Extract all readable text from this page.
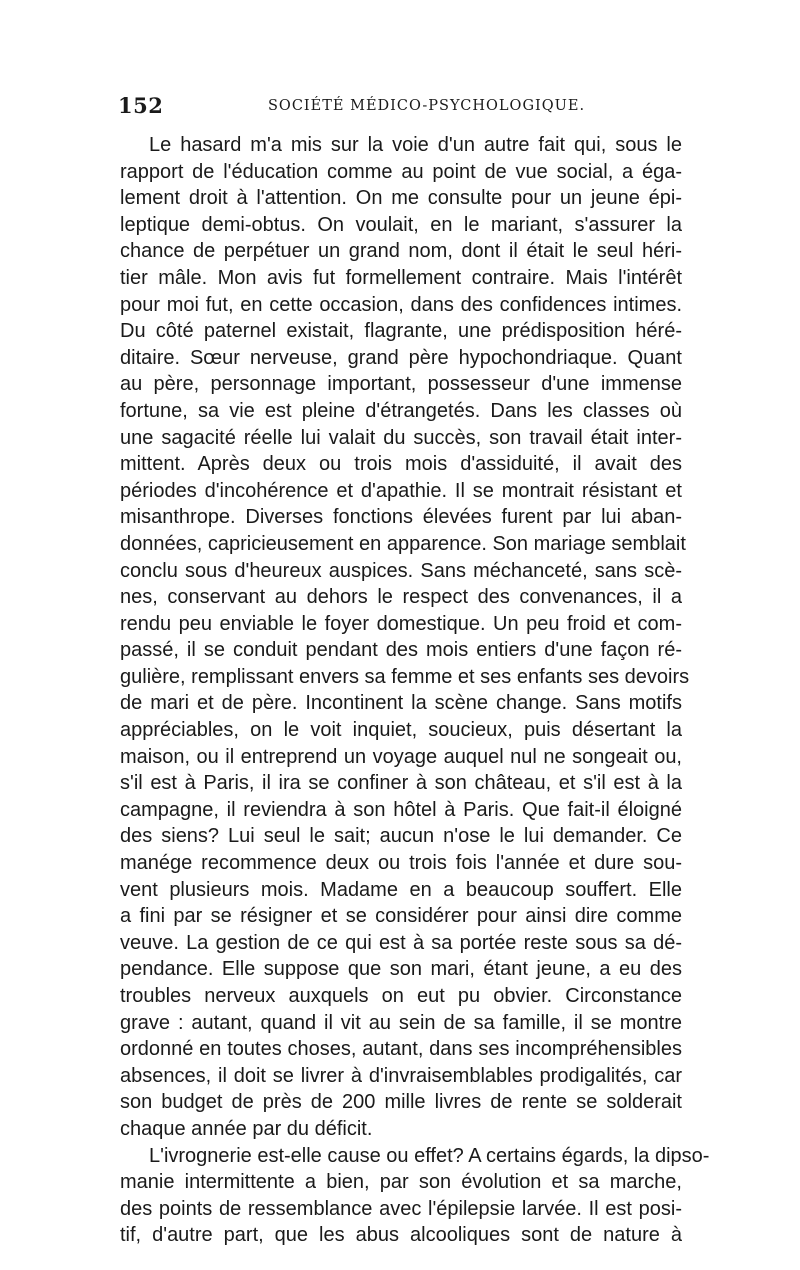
152	SOCIÉTÉ MÉDICO-PSYCHOLOGIQUE.
Le hasard m'a mis sur la voie d'un autre fait qui, sous le
rapport de l'éducation comme au point de vue social, a éga-
lement droit à l'attention. On me consulte pour un jeune épi-
leptique demi-obtus. On voulait, en le mariant, s'assurer la
chance de perpétuer un grand nom, dont il était le seul héri-
tier mâle. Mon avis fut formellement contraire. Mais l'intérêt
pour moi fut, en cette occasion, dans des confidences intimes.
Du côté paternel existait, flagrante, une prédisposition héré-
ditaire. Sœur nerveuse, grand père hypochondriaque. Quant
au père, personnage important, possesseur d'une immense
fortune, sa vie est pleine d'étrangetés. Dans les classes où
une sagacité réelle lui valait du succès, son travail était inter-
mittent. Après deux ou trois mois d'assiduité, il avait des
périodes d'incohérence et d'apathie. Il se montrait résistant et
misanthrope. Diverses fonctions élevées furent par lui aban-
données, capricieusement en apparence. Son mariage semblait
conclu sous d'heureux auspices. Sans méchanceté, sans scè-
nes, conservant au dehors le respect des convenances, il a
rendu peu enviable le foyer domestique. Un peu froid et com-
passé, il se conduit pendant des mois entiers d'une façon ré-
gulière, remplissant envers sa femme et ses enfants ses devoirs
de mari et de père. Incontinent la scène change. Sans motifs
appréciables, on le voit inquiet, soucieux, puis désertant la
maison, ou il entreprend un voyage auquel nul ne songeait ou,
s'il est à Paris, il ira se confiner à son château, et s'il est à la
campagne, il reviendra à son hôtel à Paris. Que fait-il éloigné
des siens? Lui seul le sait; aucun n'ose le lui demander. Ce
manége recommence deux ou trois fois l'année et dure sou-
vent plusieurs mois. Madame en a beaucoup souffert. Elle
a fini par se résigner et se considérer pour ainsi dire comme
veuve. La gestion de ce qui est à sa portée reste sous sa dé-
pendance. Elle suppose que son mari, étant jeune, a eu des
troubles nerveux auxquels on eut pu obvier. Circonstance
grave : autant, quand il vit au sein de sa famille, il se montre
ordonné en toutes choses, autant, dans ses incompréhensibles
absences, il doit se livrer à d'invraisemblables prodigalités, car
son budget de près de 200 mille livres de rente se solderait
chaque année par du déficit.
L'ivrognerie est-elle cause ou effet? A certains égards, la dipso-
manie intermittente a bien, par son évolution et sa marche,
des points de ressemblance avec l'épilepsie larvée. Il est posi-
tif, d'autre part, que les abus alcooliques sont de nature à
